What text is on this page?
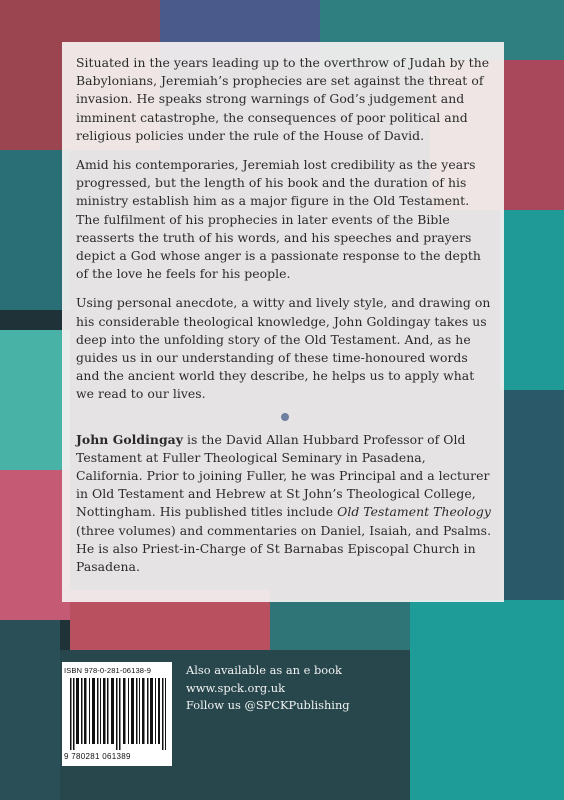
Situated in the years leading up to the overthrow of Judah by the Babylonians, Jeremiah’s prophecies are set against the threat of invasion. He speaks strong warnings of God’s judgement and imminent catastrophe, the consequences of poor political and religious policies under the rule of the House of David.

Amid his contemporaries, Jeremiah lost credibility as the years progressed, but the length of his book and the duration of his ministry establish him as a major figure in the Old Testament. The fulfilment of his prophecies in later events of the Bible reasserts the truth of his words, and his speeches and prayers depict a God whose anger is a passionate response to the depth of the love he feels for his people.

Using personal anecdote, a witty and lively style, and drawing on his considerable theological knowledge, John Goldingay takes us deep into the unfolding story of the Old Testament. And, as he guides us in our understanding of these time-honoured words and the ancient world they describe, he helps us to apply what we read to our lives.

John Goldingay is the David Allan Hubbard Professor of Old Testament at Fuller Theological Seminary in Pasadena, California. Prior to joining Fuller, he was Principal and a lecturer in Old Testament and Hebrew at St John’s Theological College, Nottingham. His published titles include Old Testament Theology (three volumes) and commentaries on Daniel, Isaiah, and Psalms. He is also Priest-in-Charge of St Barnabas Episcopal Church in Pasadena.

ISBN 978-0-281-06138-9
9 780281 061389
Also available as an e book
www.spck.org.uk
Follow us @SPCKPublishing
